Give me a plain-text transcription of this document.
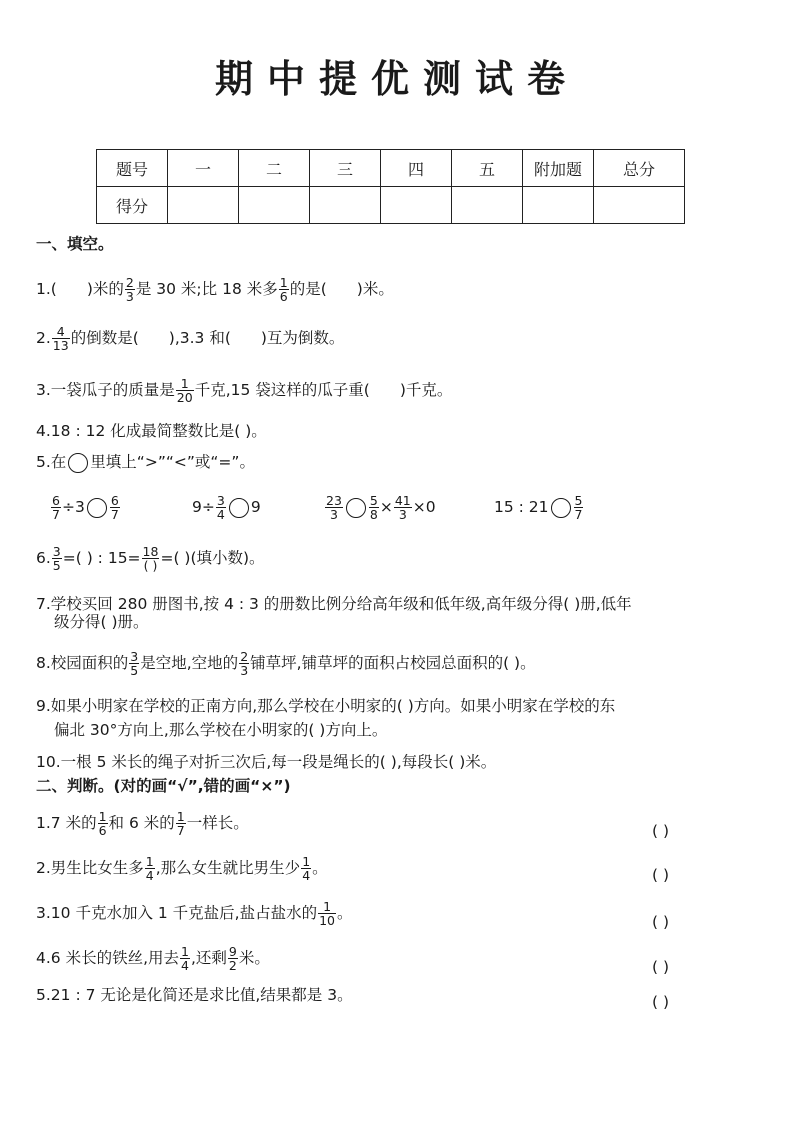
期中提优测试卷
题号	一	二	三	四	五	附加题	总分
得分							
一、填空。
1.( )米的 $\frac{2}{3}$ 是 30 米;比 18 米多 $\frac{1}{6}$ 的是( )米。
2. $\frac{4}{13}$ 的倒数是( ),3.3 和( )互为倒数。
3.一袋瓜子的质量是 $\frac{1}{20}$ 千克,15 袋这样的瓜子重( )千克。
4.18 : 12 化成最简整数比是( )。
5.在 里填上“>”“<”或“=”。
$\frac{6}{7} \div 3 \frac{6}{7}$	$9\div \frac{3}{4} 9$	$\frac{23}{3} \frac{5}{8} \times \frac{41}{3} \times 0$	15 : $21 \frac{5}{7}$
6. $\frac{3}{5}$ =( ) : $15= \frac{18}{( )}$ =( )(填小数)。
7.学校买回 280 册图书,按 4 : 3 的册数比例分给高年级和低年级,高年级分得( )册,低年
级分得( )册。
8.校园面积的 $\frac{3}{5}$ 是空地,空地的 $\frac{2}{3}$ 铺草坪,铺草坪的面积占校园总面积的( )。
9.如果小明家在学校的正南方向,那么学校在小明家的( )方向。如果小明家在学校的东
偏北 30°方向上,那么学校在小明家的( )方向上。
10.一根 5 米长的绳子对折三次后,每一段是绳长的( ),每段长( )米。
二、判断。(对的画“√”,错的画“×”)
1.7 米的 $\frac{1}{6}$ 和 6 米的 $\frac{1}{7}$ 一样长。	( )
2.男生比女生多 $\frac{1}{4}$ ,那么女生就比男生少 $\frac{1}{4}$ 。	( )
3.10 千克水加入 1 千克盐后,盐占盐水的 $\frac{1}{10}$ 。	( )
4.6 米长的铁丝,用去 $\frac{1}{4}$ ,还剩 $\frac{9}{2}$ 米。	( )
5.21 : 7 无论是化简还是求比值,结果都是 3。	( )
